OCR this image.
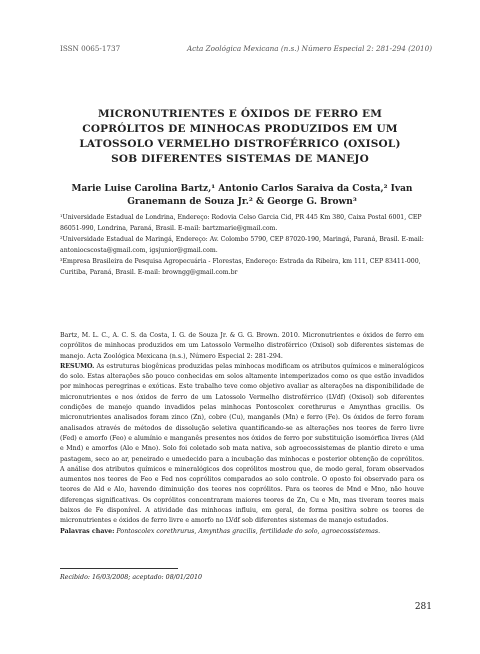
ISSN 0065-1737	Acta Zoológica Mexicana (n.s.) Número Especial 2: 281-294 (2010)
MICRONUTRIENTES E ÓXIDOS DE FERRO EM COPRÓLITOS DE MINHOCAS PRODUZIDOS EM UM LATOSSOLO VERMELHO DISTROFÉRRICO (OXISOL) SOB DIFERENTES SISTEMAS DE MANEJO
Marie Luise Carolina Bartz,¹ Antonio Carlos Saraiva da Costa,² Ivan Granemann de Souza Jr.² & George G. Brown³

¹Universidade Estadual de Londrina, Endereço: Rodovia Celso Garcia Cid, PR 445 Km 380, Caixa Postal 6001, CEP 86051-990, Londrina, Paraná, Brasil. E-mail: bartzmarie@gmail.com.

²Universidade Estadual de Maringá, Endereço: Av. Colombo 5790, CEP 87020-190, Maringá, Paraná, Brasil. E-mail: antoniocscosta@gmail.com, igsjunior@gmail.com.

³Empresa Brasileira de Pesquisa Agropecuária - Florestas, Endereço: Estrada da Ribeira, km 111, CEP 83411-000, Curitiba, Paraná, Brasil. E-mail: browngg@gmail.com.br

Bartz, M. L. C., A. C. S. da Costa, I. G. de Souza Jr. & G. G. Brown. 2010. Micronutrientes e óxidos de ferro em coprólitos de minhocas produzidos em um Latossolo Vermelho distroférrico (Oxisol) sob diferentes sistemas de manejo. Acta Zoológica Mexicana (n.s.), Número Especial 2: 281-294.

RESUMO. As estruturas biogênicas produzidas pelas minhocas modificam os atributos químicos e mineralógicos do solo. Estas alterações são pouco conhecidas em solos altamente intemperizados como os que estão invadidos por minhocas peregrinas e exóticas. Este trabalho teve como objetivo avaliar as alterações na disponibilidade de micronutrientes e nos óxidos de ferro de um Latossolo Vermelho distroférrico (LVdf) (Oxisol) sob diferentes condições de manejo quando invadidos pelas minhocas Pontoscolex corethrurus e Amynthas gracilis. Os micronutrientes analisados foram zinco (Zn), cobre (Cu), manganês (Mn) e ferro (Fe). Os óxidos de ferro foram analisados através de métodos de dissolução seletiva quantificando-se as alterações nos teores de ferro livre (Fed) e amorfo (Feo) e alumínio e manganês presentes nos óxidos de ferro por substituição isomórfica livres (Ald e Mnd) e amorfos (Alo e Mno). Solo foi coletado sob mata nativa, sob agroecossistemas de plantio direto e uma pastagem, seco ao ar, peneirado e umedecido para a incubação das minhocas e posterior obtenção de coprólitos. A análise dos atributos químicos e mineralógicos dos coprólitos mostrou que, de modo geral, foram observados aumentos nos teores de Feo e Fed nos coprólitos comparados ao solo controle. O oposto foi observado para os teores de Ald e Alo, havendo diminuição dos teores nos coprólitos. Para os teores de Mnd e Mno, não houve diferenças significativas. Os coprólitos concentraram maiores teores de Zn, Cu e Mn, mas tiveram teores mais baixos de Fe disponível. A atividade das minhocas influiu, em geral, de forma positiva sobre os teores de micronutrientes e óxidos de ferro livre e amorfo no LVdf sob diferentes sistemas de manejo estudados.

Palavras chave: Pontoscolex corethrurus, Amynthas gracilis, fertilidade do solo, agroecossistemas.

Recibido: 16/03/2008; aceptado: 08/01/2010
281
